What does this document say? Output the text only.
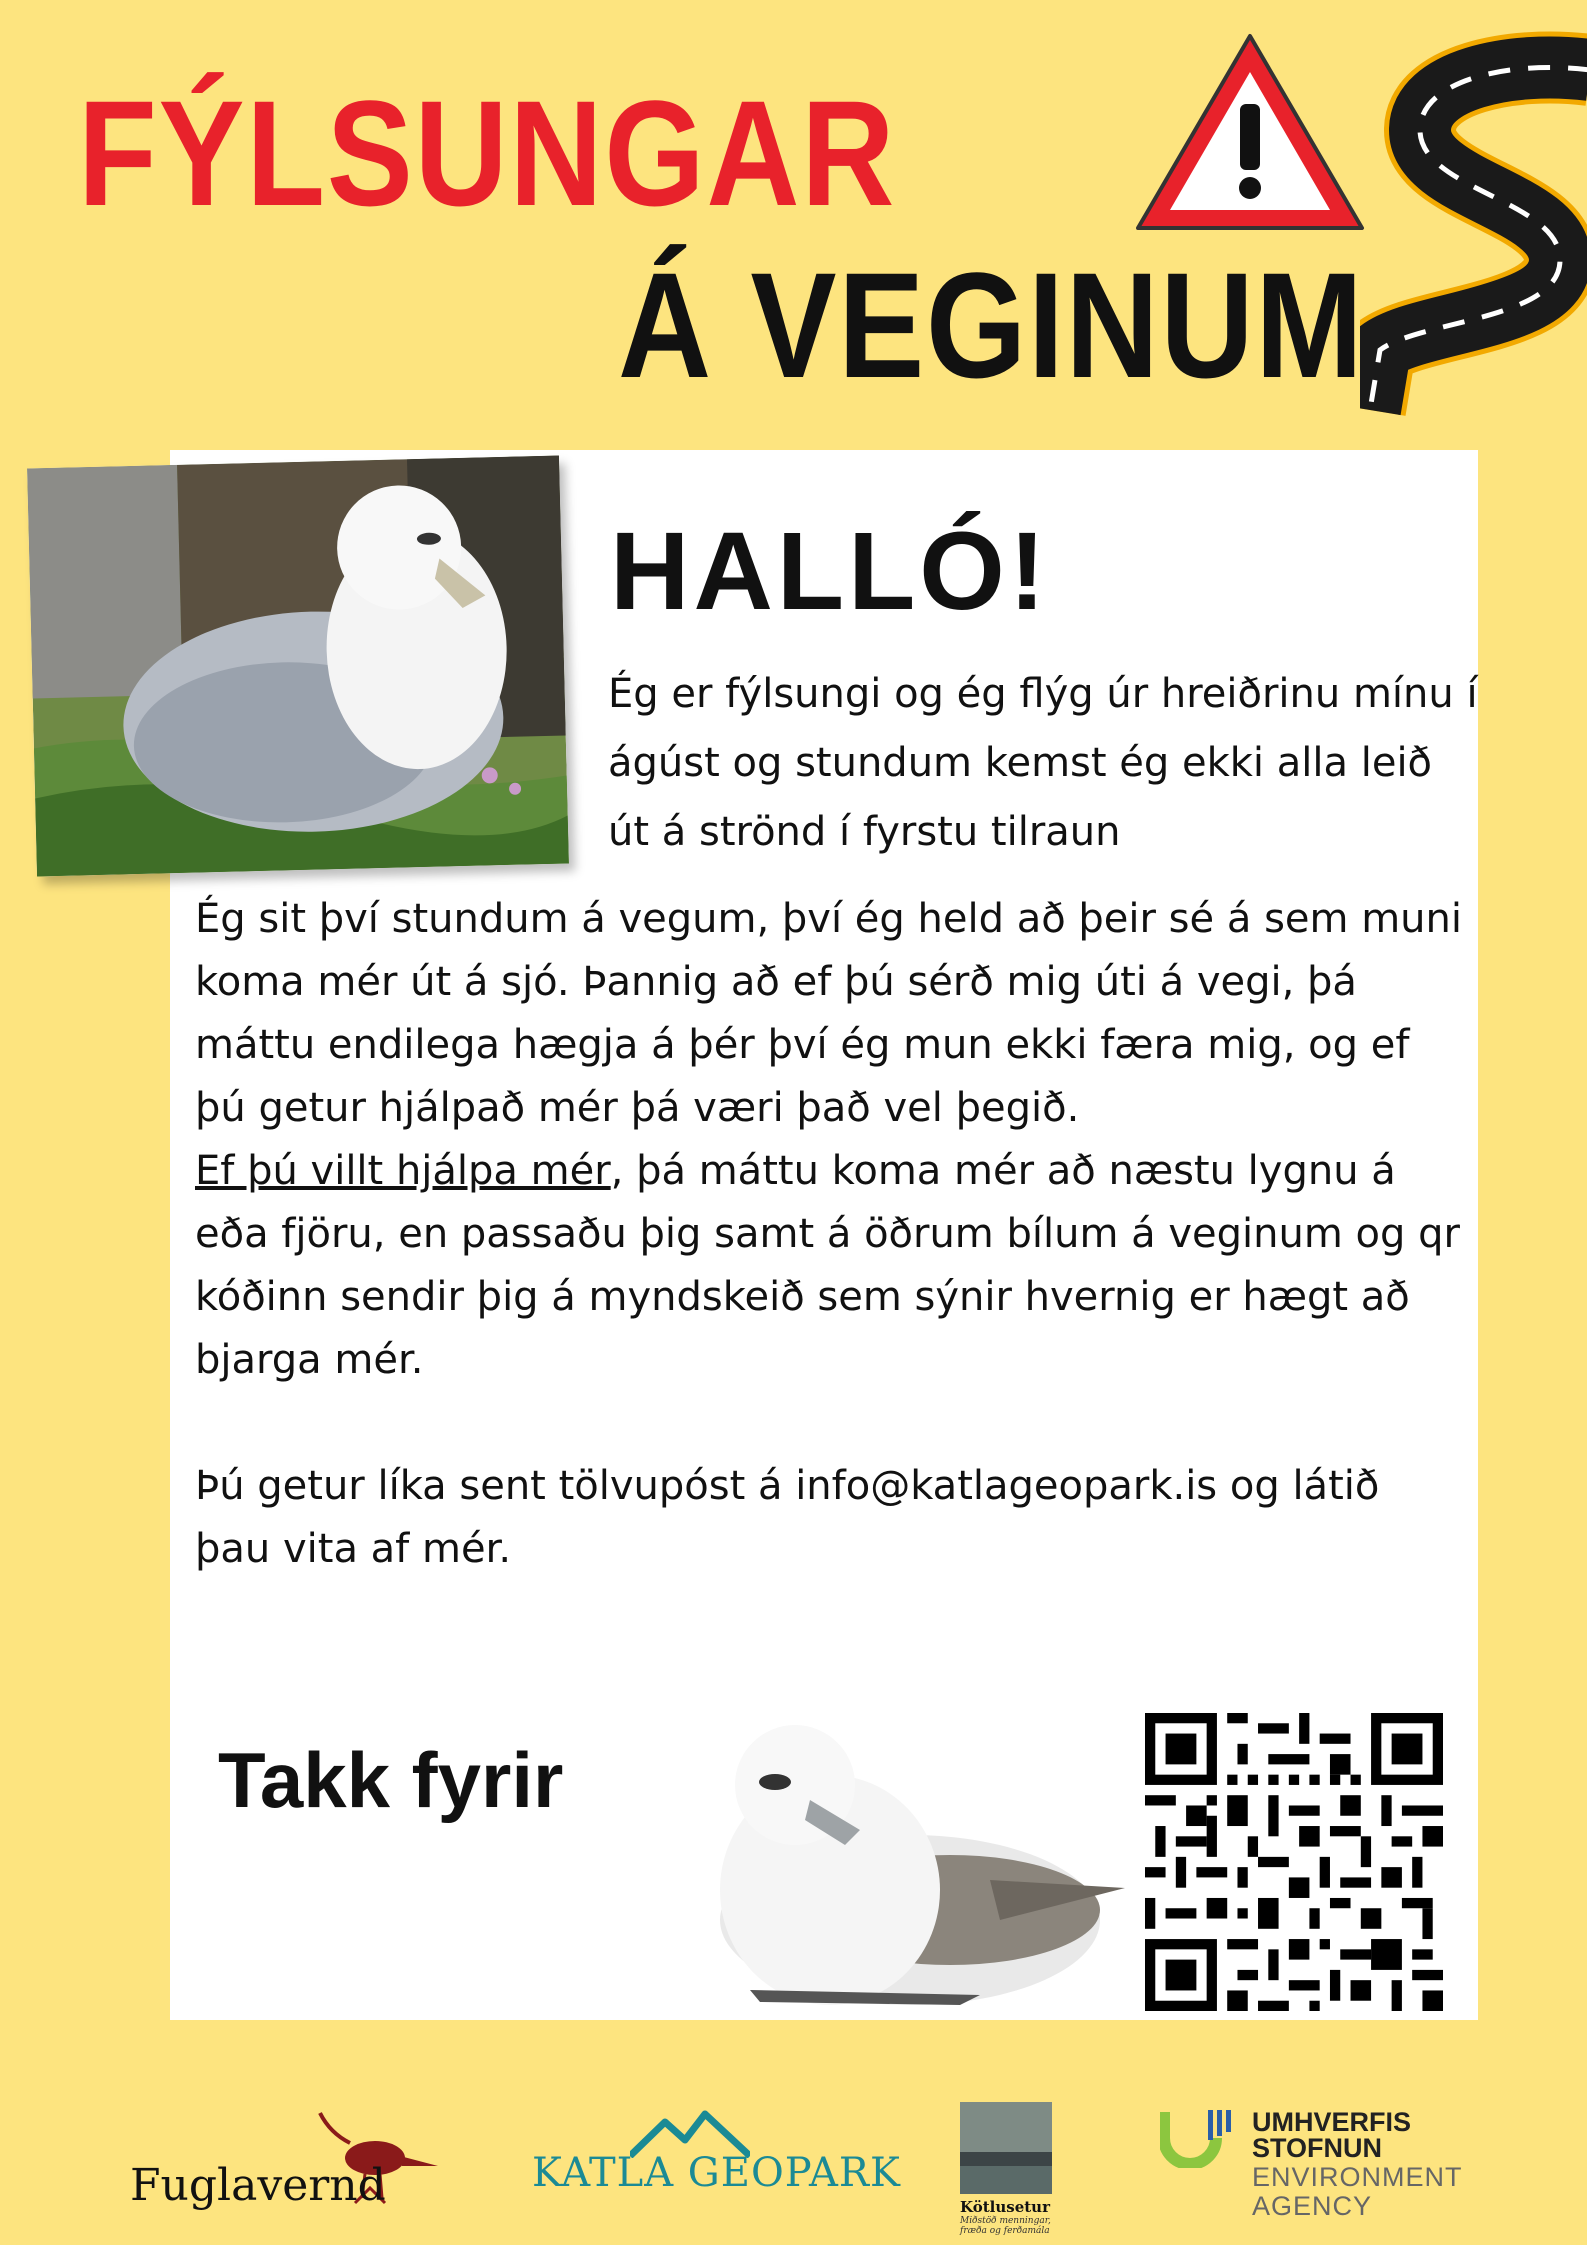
FÝLSUNGAR
Á VEGINUM
HALLÓ!
Ég er fýlsungi og ég flýg úr hreiðrinu mínu í ágúst og stundum kemst ég ekki alla leið út á strönd í fyrstu tilraun

Ég sit því stundum á vegum, því ég held að þeir sé á sem muni koma mér út á sjó. Þannig að ef þú sérð mig úti á vegi, þá máttu endilega hægja á þér því ég mun ekki færa mig, og ef þú getur hjálpað mér þá væri það vel þegið.

Ef þú villt hjálpa mér, þá máttu koma mér að næstu lygnu á eða fjöru, en passaðu þig samt á öðrum bílum á veginum og qr kóðinn sendir þig á myndskeið sem sýnir hvernig er hægt að bjarga mér.

Þú getur líka sent tölvupóst á info@katlageopark.is og látið þau vita af mér.

Takk fyrir
Fuglavernd	KATLA GEOPARK
Kötlusetur
Miðstöð menningar, fræða og ferðamála
UMHVERFIS
STOFNUN
ENVIRONMENT
AGENCY
